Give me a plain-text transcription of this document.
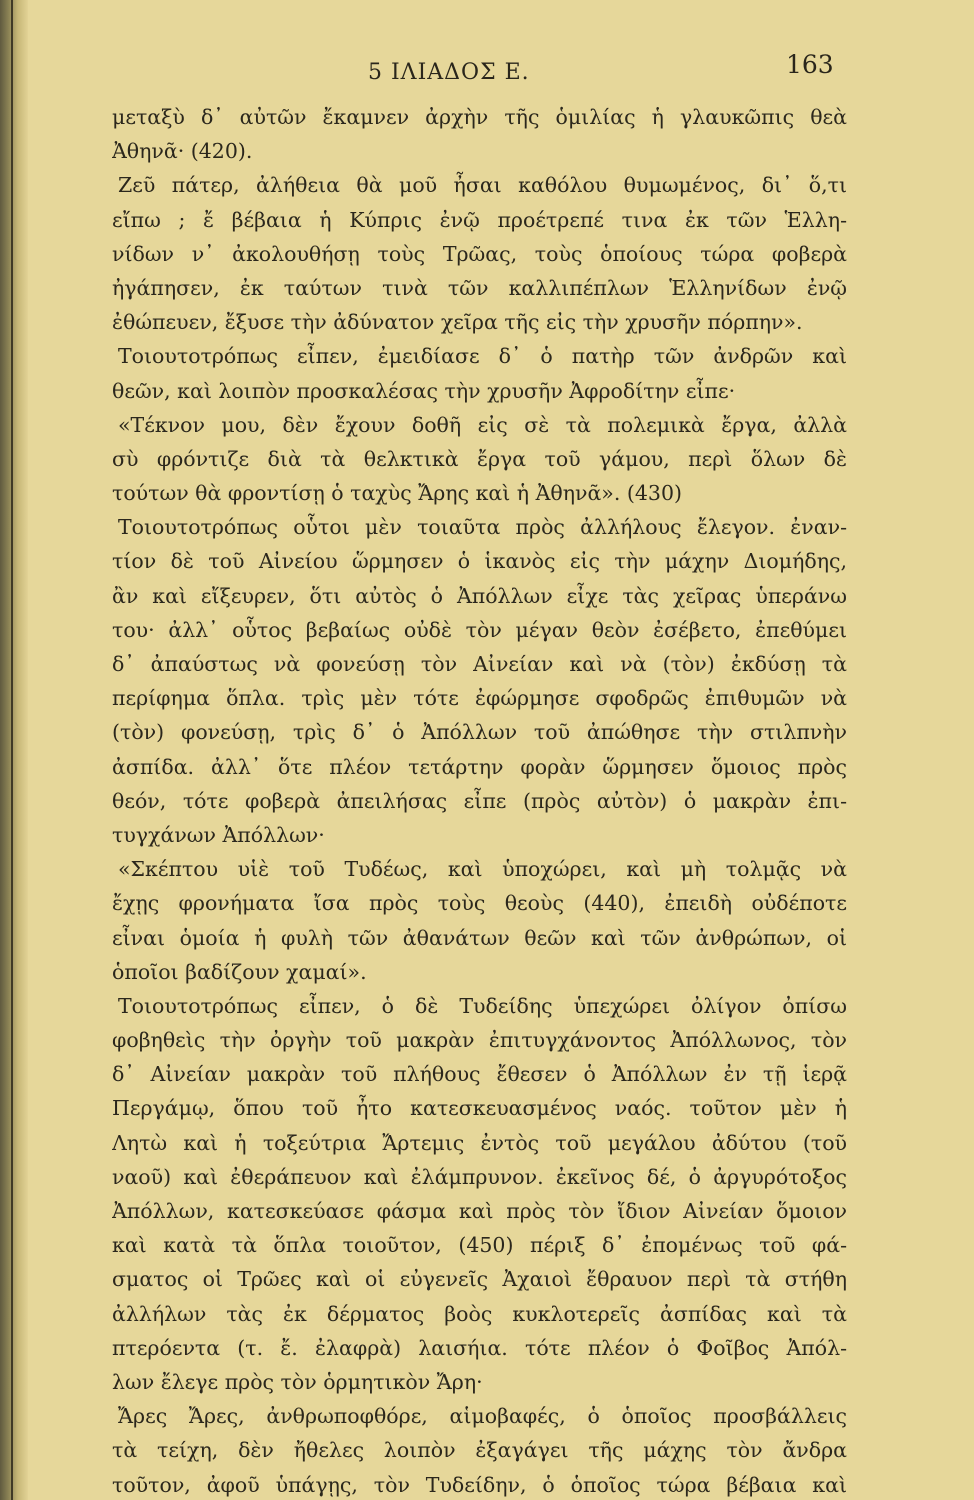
5 ΙΛΙΑΔΟΣ Ε.	163
μεταξὺ δ᾽ αὐτῶν ἔκαμνεν ἀρχὴν τῆς ὁμιλίας ἡ γλαυκῶπις θεὰ
Ἀθηνᾶ· (420).
Ζεῦ πάτερ, ἀλήθεια θὰ μοῦ ἦσαι καθόλου θυμωμένος, δι᾽ ὅ,τι
εἴπω ; ἔ βέβαια ἡ Κύπρις ἐνῷ προέτρεπέ τινα ἐκ τῶν Ἑλλη-
νίδων ν᾽ ἀκολουθήσῃ τοὺς Τρῶας, τοὺς ὁποίους τώρα φοβερὰ
ἠγάπησεν, ἐκ ταύτων τινὰ τῶν καλλιπέπλων Ἑλληνίδων ἐνῷ
ἐθώπευεν, ἔξυσε τὴν ἀδύνατον χεῖρα τῆς εἰς τὴν χρυσῆν πόρπην».
Τοιουτοτρόπως εἶπεν, ἐμειδίασε δ᾽ ὁ πατὴρ τῶν ἀνδρῶν καὶ
θεῶν, καὶ λοιπὸν προσκαλέσας τὴν χρυσῆν Ἀφροδίτην εἶπε·
«Τέκνον μου, δὲν ἔχουν δοθῆ εἰς σὲ τὰ πολεμικὰ ἔργα, ἀλλὰ
σὺ φρόντιζε διὰ τὰ θελκτικὰ ἔργα τοῦ γάμου, περὶ ὅλων δὲ
τούτων θὰ φροντίσῃ ὁ ταχὺς Ἄρης καὶ ἡ Ἀθηνᾶ». (430)
Τοιουτοτρόπως οὗτοι μὲν τοιαῦτα πρὸς ἀλλήλους ἔλεγον. ἐναν-
τίον δὲ τοῦ Αἰνείου ὥρμησεν ὁ ἱκανὸς εἰς τὴν μάχην Διομήδης,
ἂν καὶ εἴξευρεν, ὅτι αὐτὸς ὁ Ἀπόλλων εἶχε τὰς χεῖρας ὑπεράνω
του· ἀλλ᾽ οὗτος βεβαίως οὐδὲ τὸν μέγαν θεὸν ἐσέβετο, ἐπεθύμει
δ᾽ ἀπαύστως νὰ φονεύσῃ τὸν Αἰνείαν καὶ νὰ (τὸν) ἐκδύσῃ τὰ
περίφημα ὅπλα. τρὶς μὲν τότε ἐφώρμησε σφοδρῶς ἐπιθυμῶν νὰ
(τὸν) φονεύσῃ, τρὶς δ᾽ ὁ Ἀπόλλων τοῦ ἀπώθησε τὴν στιλπνὴν
ἀσπίδα. ἀλλ᾽ ὅτε πλέον τετάρτην φορὰν ὥρμησεν ὅμοιος πρὸς
θεόν, τότε φοβερὰ ἀπειλήσας εἶπε (πρὸς αὐτὸν) ὁ μακρὰν ἐπι-
τυγχάνων Ἀπόλλων·
«Σκέπτου υἱὲ τοῦ Τυδέως, καὶ ὑποχώρει, καὶ μὴ τολμᾷς νὰ
ἔχῃς φρονήματα ἴσα πρὸς τοὺς θεοὺς (440), ἐπειδὴ οὐδέποτε
εἶναι ὁμοία ἡ φυλὴ τῶν ἀθανάτων θεῶν καὶ τῶν ἀνθρώπων, οἱ
ὁποῖοι βαδίζουν χαμαί».
Τοιουτοτρόπως εἶπεν, ὁ δὲ Τυδείδης ὑπεχώρει ὀλίγον ὀπίσω
φοβηθεὶς τὴν ὀργὴν τοῦ μακρὰν ἐπιτυγχάνοντος Ἀπόλλωνος, τὸν
δ᾽ Αἰνείαν μακρὰν τοῦ πλήθους ἔθεσεν ὁ Ἀπόλλων ἐν τῇ ἱερᾷ
Περγάμῳ, ὅπου τοῦ ἦτο κατεσκευασμένος ναός. τοῦτον μὲν ἡ
Λητὼ καὶ ἡ τοξεύτρια Ἄρτεμις ἐντὸς τοῦ μεγάλου ἀδύτου (τοῦ
ναοῦ) καὶ ἐθεράπευον καὶ ἐλάμπρυνον. ἐκεῖνος δέ, ὁ ἀργυρότοξος
Ἀπόλλων, κατεσκεύασε φάσμα καὶ πρὸς τὸν ἴδιον Αἰνείαν ὅμοιον
καὶ κατὰ τὰ ὅπλα τοιοῦτον, (450) πέριξ δ᾽ ἐπομένως τοῦ φά-
σματος οἱ Τρῶες καὶ οἱ εὐγενεῖς Ἀχαιοὶ ἔθραυον περὶ τὰ στήθη
ἀλλήλων τὰς ἐκ δέρματος βοὸς κυκλοτερεῖς ἀσπίδας καὶ τὰ
πτερόεντα (τ. ἔ. ἐλαφρὰ) λαισήια. τότε πλέον ὁ Φοῖβος Ἀπόλ-
λων ἔλεγε πρὸς τὸν ὁρμητικὸν Ἄρη·
Ἄρες Ἄρες, ἀνθρωποφθόρε, αἱμοβαφές, ὁ ὁποῖος προσβάλλεις
τὰ τείχη, δὲν ἤθελες λοιπὸν ἐξαγάγει τῆς μάχης τὸν ἄνδρα
τοῦτον, ἀφοῦ ὑπάγῃς, τὸν Τυδείδην, ὁ ὁποῖος τώρα βέβαια καὶ
